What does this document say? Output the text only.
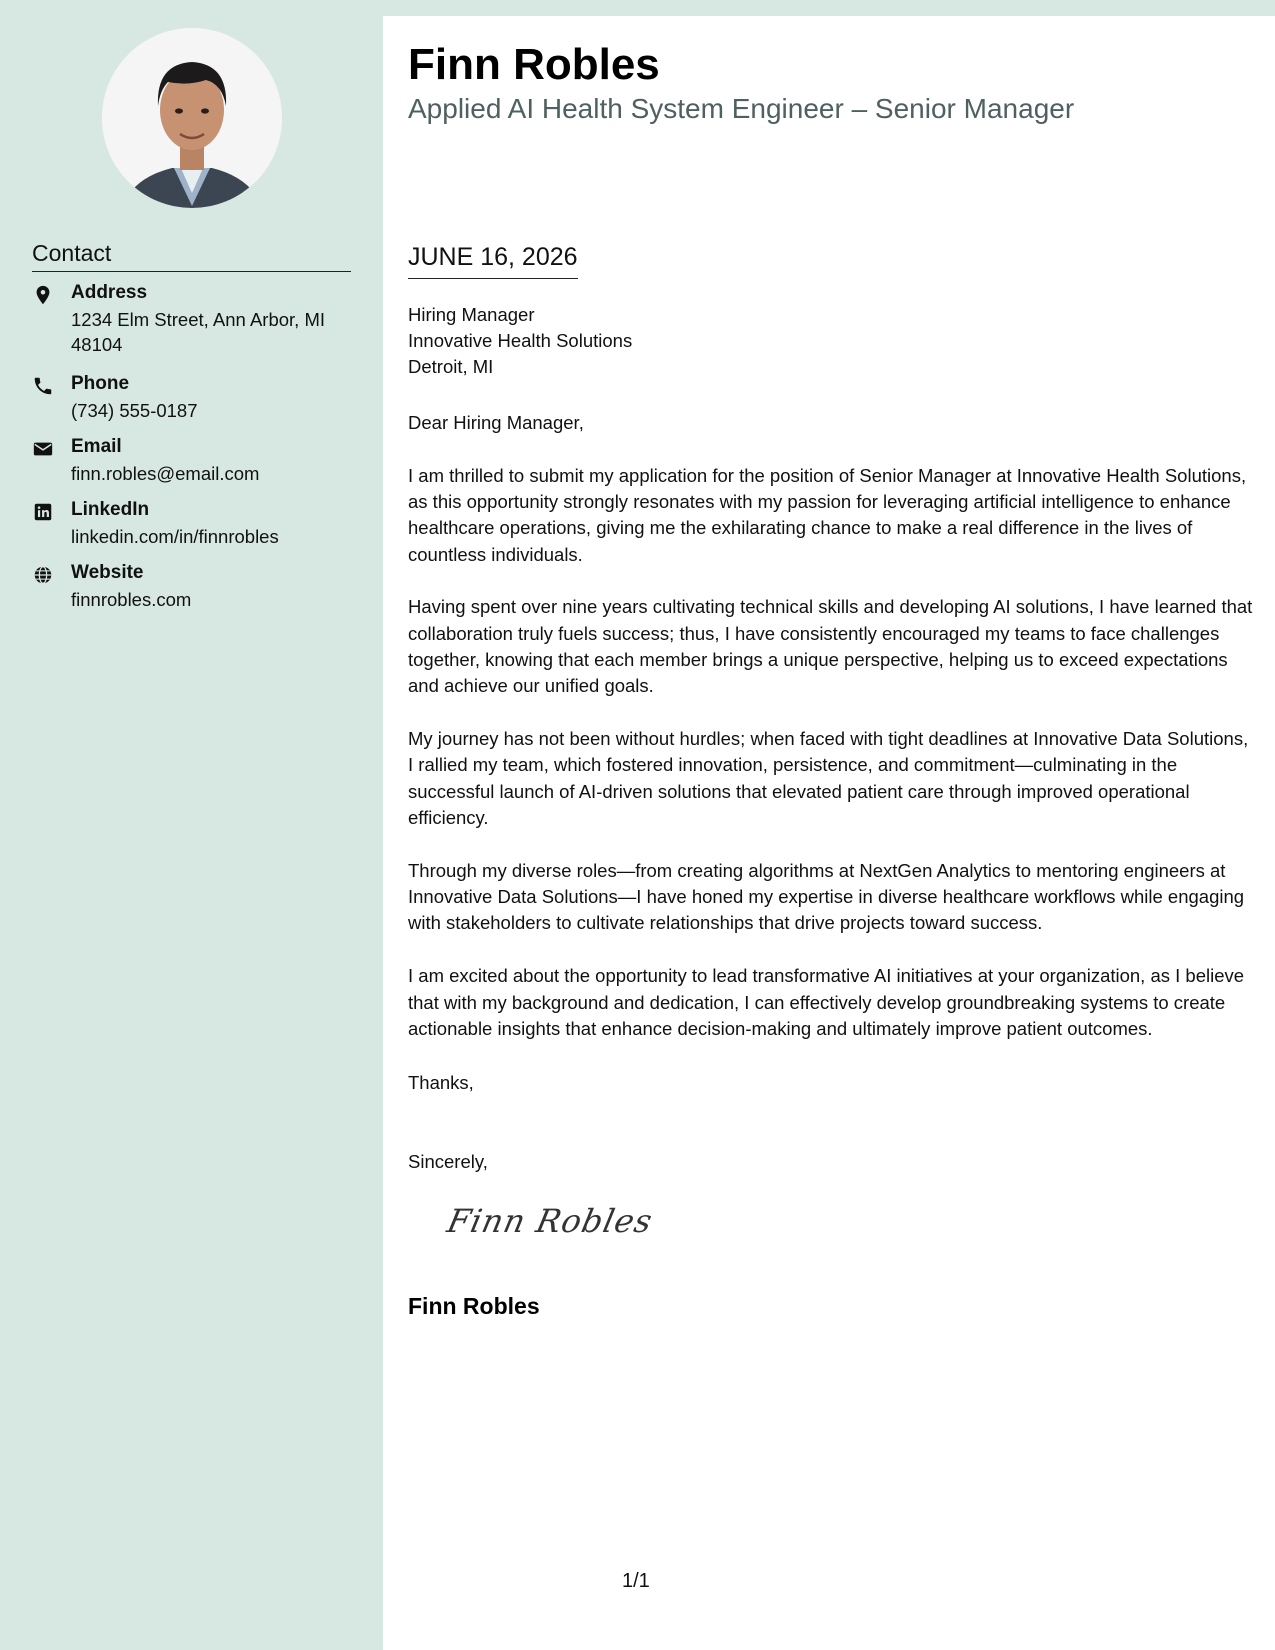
Contact
Address
1234 Elm Street, Ann Arbor, MI 48104
Phone
(734) 555-0187
Email
finn.robles@email.com
LinkedIn
linkedin.com/in/finnrobles
Website
finnrobles.com
Finn Robles
Applied AI Health System Engineer – Senior Manager
JUNE 16, 2026
Hiring Manager
Innovative Health Solutions
Detroit, MI

Dear Hiring Manager,

I am thrilled to submit my application for the position of Senior Manager at Innovative Health Solutions, as this opportunity strongly resonates with my passion for leveraging artificial intelligence to enhance healthcare operations, giving me the exhilarating chance to make a real difference in the lives of countless individuals.

Having spent over nine years cultivating technical skills and developing AI solutions, I have learned that collaboration truly fuels success; thus, I have consistently encouraged my teams to face challenges together, knowing that each member brings a unique perspective, helping us to exceed expectations and achieve our unified goals.

My journey has not been without hurdles; when faced with tight deadlines at Innovative Data Solutions, I rallied my team, which fostered innovation, persistence, and commitment—culminating in the successful launch of AI-driven solutions that elevated patient care through improved operational efficiency.

Through my diverse roles—from creating algorithms at NextGen Analytics to mentoring engineers at Innovative Data Solutions—I have honed my expertise in diverse healthcare workflows while engaging with stakeholders to cultivate relationships that drive projects toward success.

I am excited about the opportunity to lead transformative AI initiatives at your organization, as I believe that with my background and dedication, I can effectively develop groundbreaking systems to create actionable insights that enhance decision-making and ultimately improve patient outcomes.

Thanks,
Sincerely,
Finn Robles
Finn Robles
1/1
